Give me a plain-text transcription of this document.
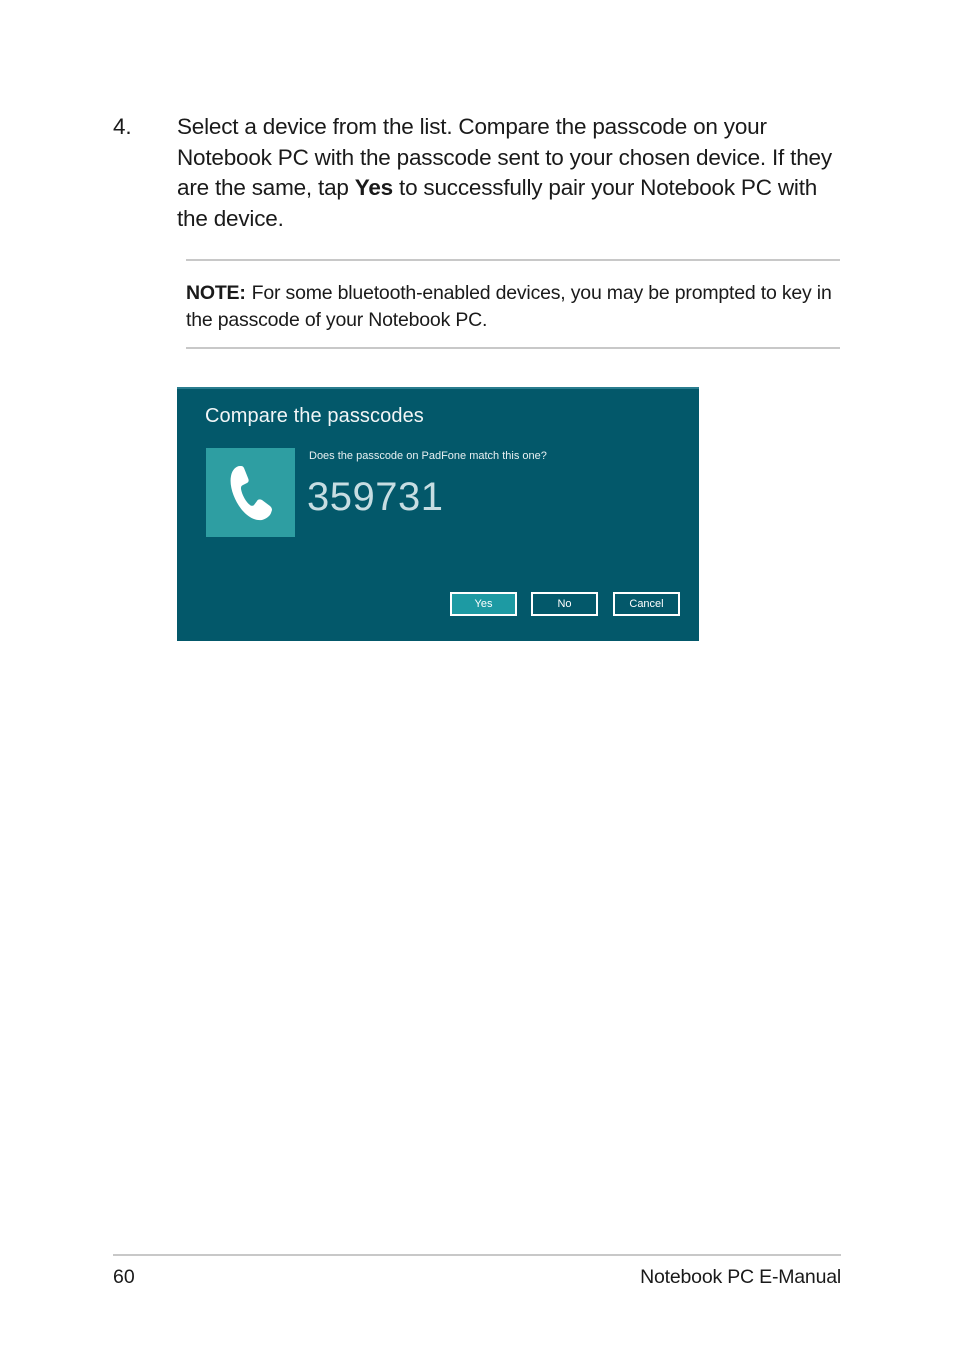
4. Select a device from the list. Compare the passcode on your Notebook PC with the passcode sent to your chosen device. If they are the same, tap Yes to successfully pair your Notebook PC with the device.
NOTE: For some bluetooth-enabled devices, you may be prompted to key in the passcode of your Notebook PC.
Compare the passcodes
Does the passcode on PadFone match this one?
359731
Yes	No	Cancel
60	Notebook PC E-Manual
